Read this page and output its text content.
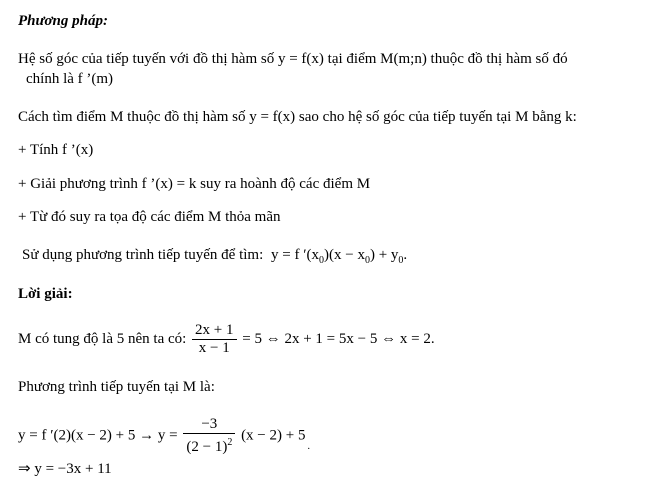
Phương pháp:
Hệ số góc của tiếp tuyến với đồ thị hàm số y = f(x) tại điểm M(m;n) thuộc đồ thị hàm số đó
chính là f ’(m)
Cách tìm điểm M thuộc đồ thị hàm số y = f(x) sao cho hệ số góc của tiếp tuyến tại M bằng k:
+ Tính f ’(x)
+ Giải phương trình f ’(x) = k suy ra hoành độ các điểm M
+ Từ đó suy ra tọa độ các điểm M thỏa mãn
Sử dụng phương trình tiếp tuyến để tìm: y = f $'(x_0)(x - x_0) + y_0$.
Lời giải:
M có tung độ là 5 nên ta có: $\frac{2x + 1}{x - 1} = 5$ ⇔ 2x + 1 = 5x − 5 ⇔ x = 2.
Phương trình tiếp tuyến tại M là:
y = f $'(2)(x - 2) + 5 \to y = \frac{-3}{(2 - 1)^2} (x - 2) + 5_.$
⇒ y = −3x + 11
